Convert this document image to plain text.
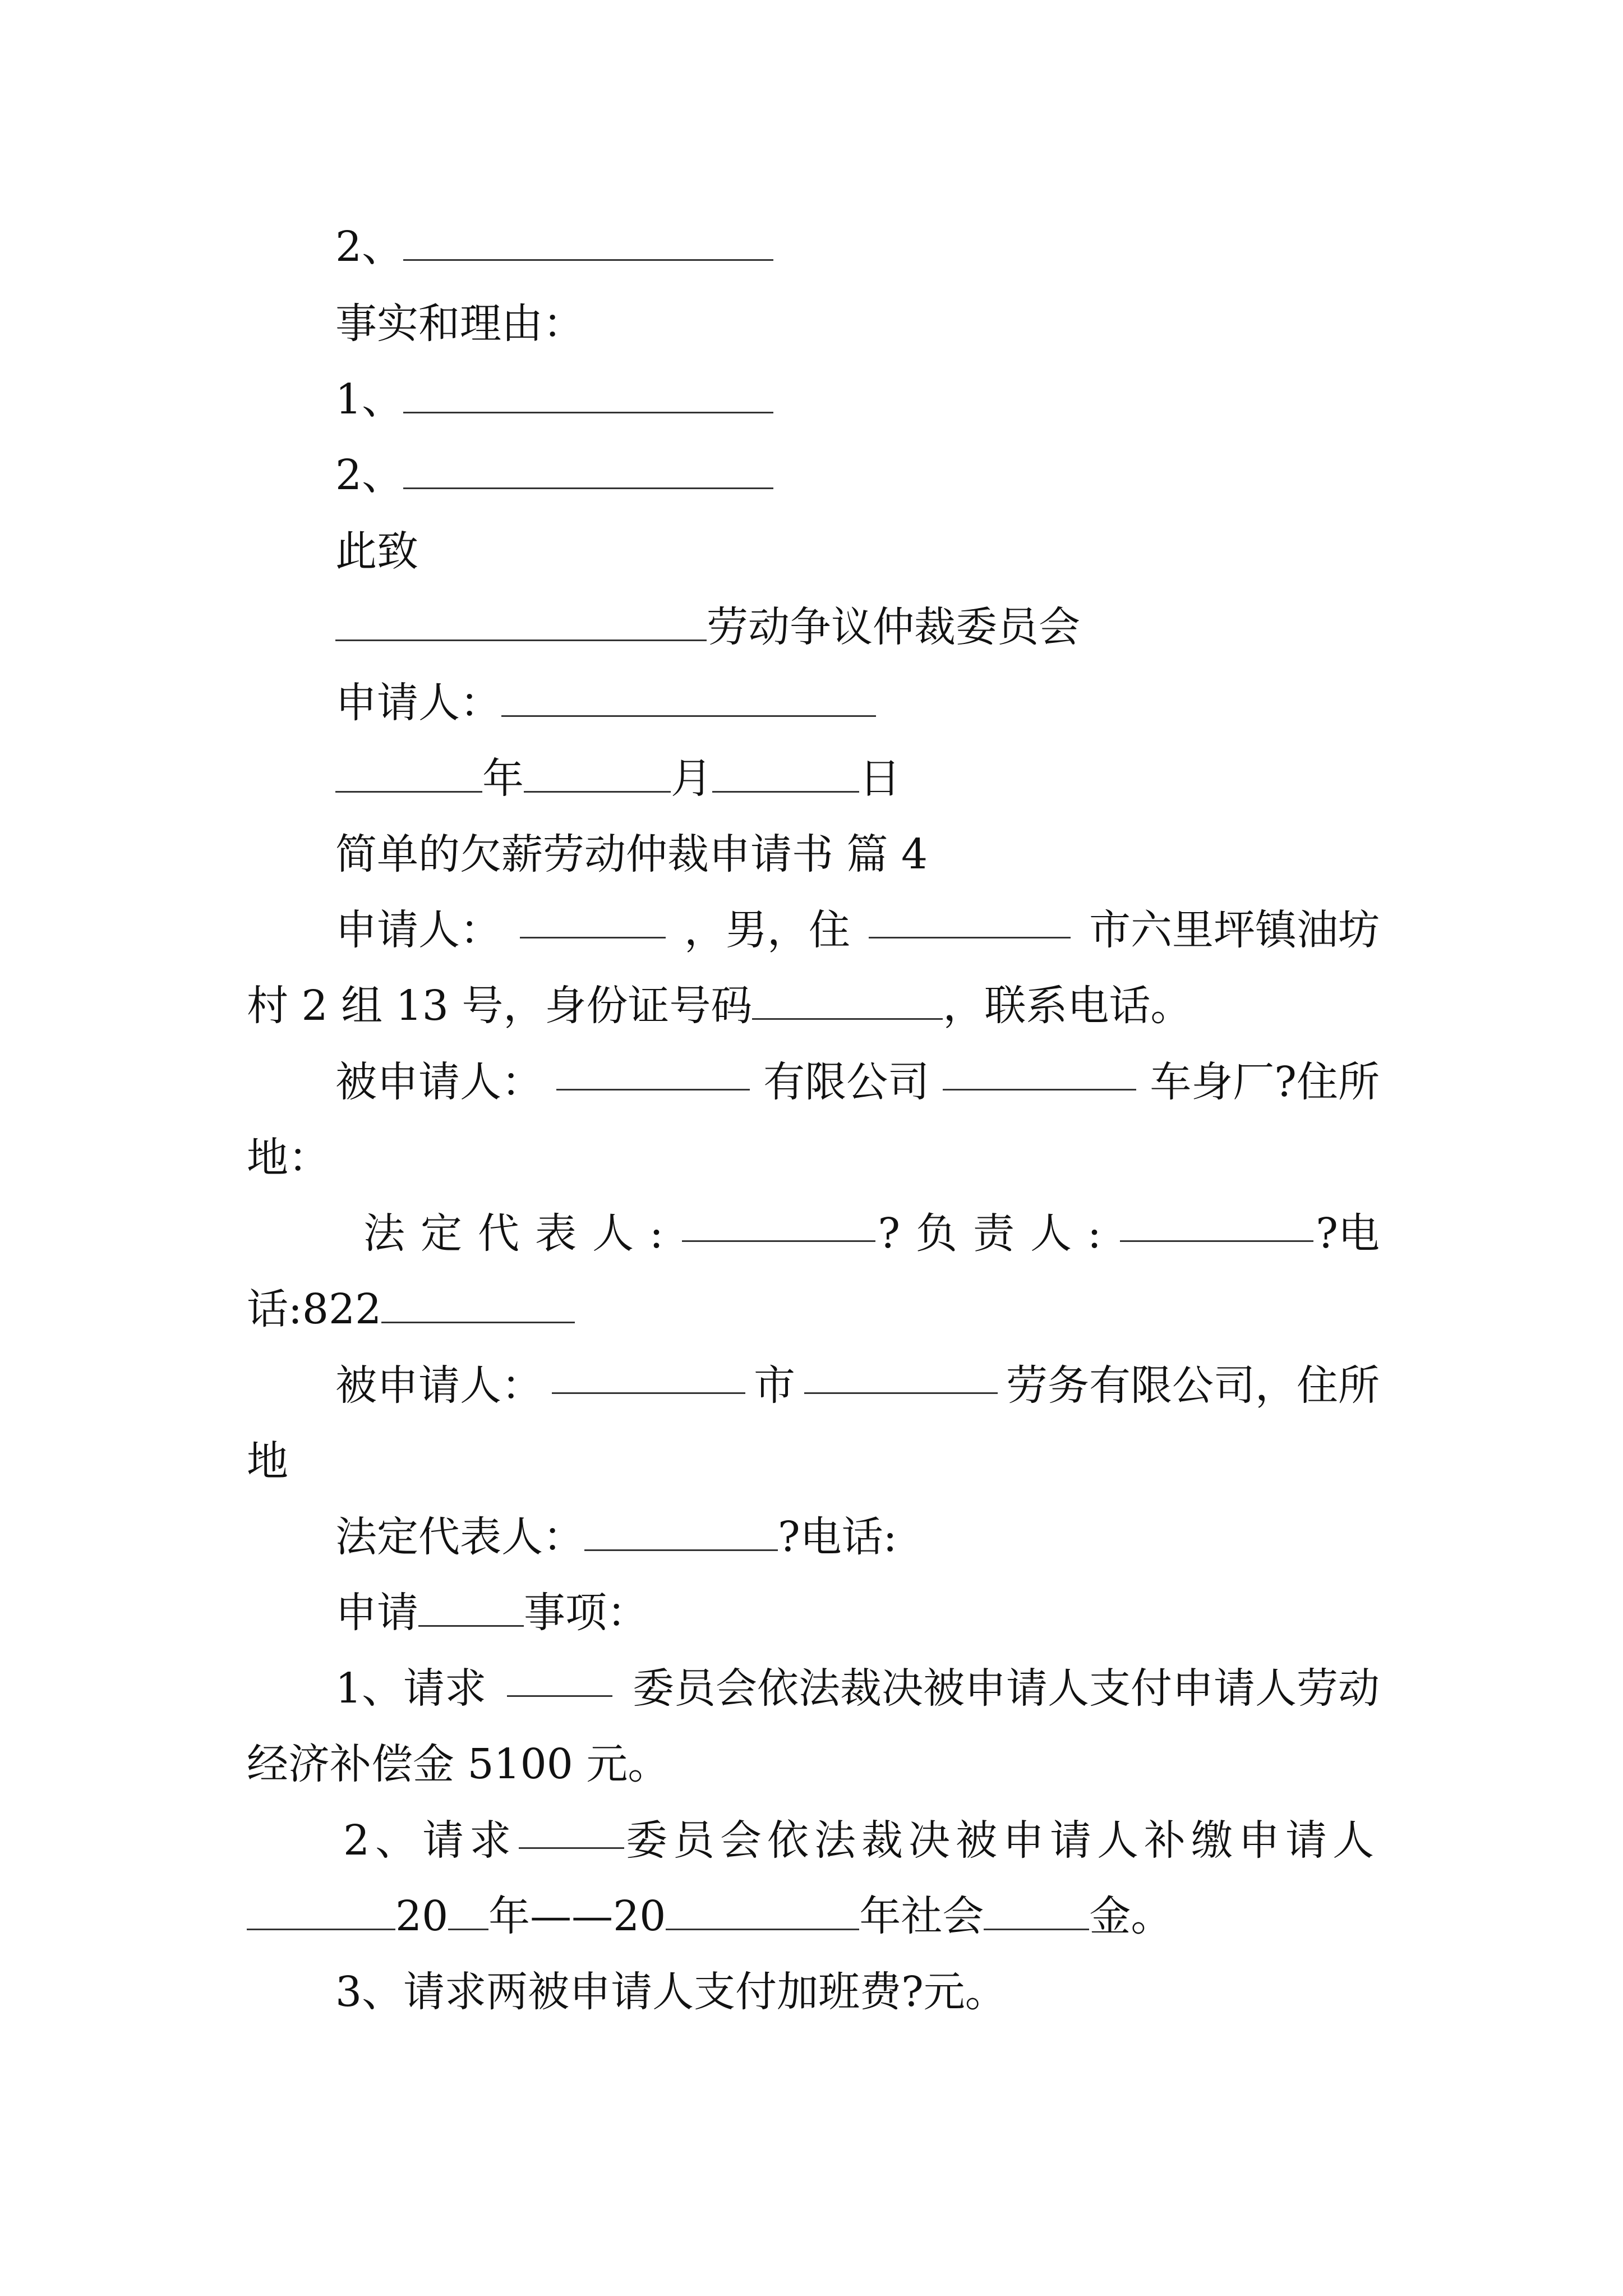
2、
事实和理由：
1、
2、
此致
劳动争议仲裁委员会
申请人：
年	月	日
简单的欠薪劳动仲裁申请书 篇 4
申请人：	，男，住	市六里坪镇油坊
村 2 组 13 号，身份证号码	，联系电话。
被申请人：	有限公司	车身厂?住所
地：
法定代表人:	?负责人:	?电
话:822
被申请人：	市	劳务有限公司，住所
地
法定代表人：	?电话:
申请	事项：
1、请求	委员会依法裁决被申请人支付申请人劳动
经济补偿金 5100 元。
2、请求	委员会依法裁决被申请人补缴申请人
20 年——20	年社会	金。
3、请求两被申请人支付加班费?元。
